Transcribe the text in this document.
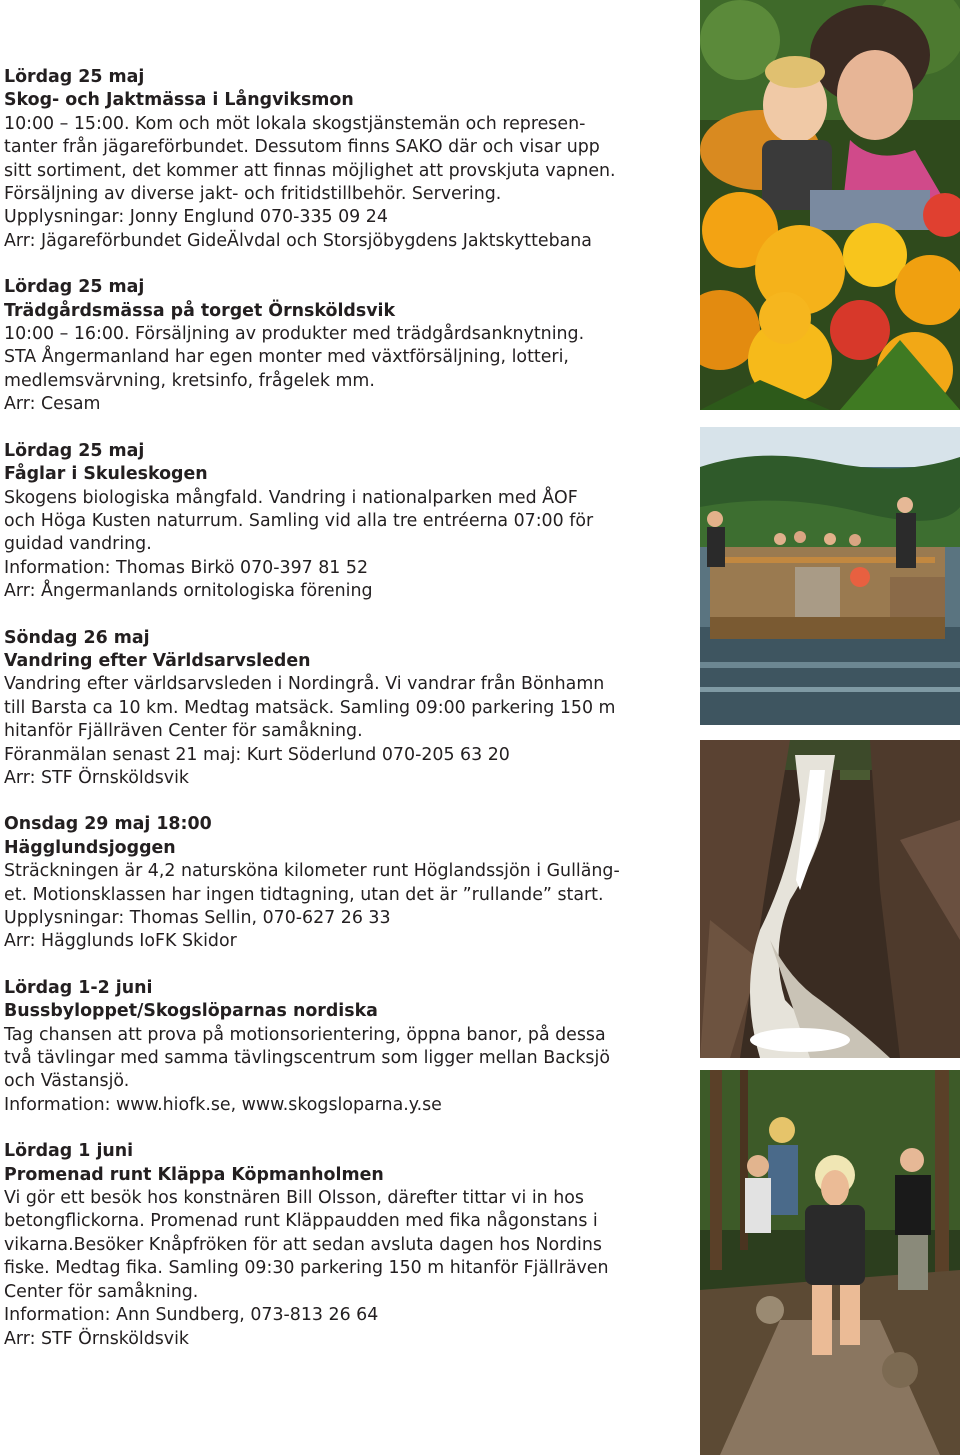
Lördag 25 maj
Skog- och Jaktmässa i Långviksmon
10:00 – 15:00. Kom och möt lokala skogstjänstemän och represen-
tanter från jägareförbundet. Dessutom finns SAKO där och visar upp
sitt sortiment, det kommer att finnas möjlighet att provskjuta vapnen.
Försäljning av diverse jakt- och fritidstillbehör. Servering.
Upplysningar: Jonny Englund 070-335 09 24
Arr: Jägareförbundet GideÄlvdal och Storsjöbygdens Jaktskyttebana
Lördag 25 maj
Trädgårdsmässa på torget Örnsköldsvik
10:00 – 16:00. Försäljning av produkter med trädgårdsanknytning.
STA Ångermanland har egen monter med växtförsäljning, lotteri,
medlemsvärvning, kretsinfo, frågelek mm.
Arr: Cesam
Lördag 25 maj
Fåglar i Skuleskogen
Skogens biologiska mångfald. Vandring i nationalparken med ÅOF
och Höga Kusten naturrum. Samling vid alla tre entréerna 07:00 för
guidad vandring.
Information: Thomas Birkö 070-397 81 52
Arr: Ångermanlands ornitologiska förening
Söndag 26 maj
Vandring efter Världsarvsleden
Vandring efter världsarvsleden i Nordingrå. Vi vandrar från Bönhamn
till Barsta ca 10 km. Medtag matsäck. Samling 09:00 parkering 150 m
hitanför Fjällräven Center för samåkning.
Föranmälan senast 21 maj: Kurt Söderlund 070-205 63 20
Arr: STF Örnsköldsvik
Onsdag 29 maj 18:00
Hägglundsjoggen
Sträckningen är 4,2 natursköna kilometer runt Höglandssjön i Gulläng-
et. Motionsklassen har ingen tidtagning, utan det är ”rullande” start.
Upplysningar: Thomas Sellin, 070-627 26 33
Arr: Hägglunds IoFK Skidor
Lördag 1-2 juni
Bussbyloppet/Skogslöparnas nordiska
Tag chansen att prova på motionsorientering, öppna banor, på dessa
två tävlingar med samma tävlingscentrum som ligger mellan Backsjö
och Västansjö.
Information: www.hiofk.se, www.skogsloparna.y.se
Lördag 1 juni
Promenad runt Kläppa Köpmanholmen
Vi gör ett besök hos konstnären Bill Olsson, därefter tittar vi in hos
betongflickorna. Promenad runt Kläppaudden med fika någonstans i
vikarna.Besöker Knåpfröken för att sedan avsluta dagen hos Nordins
fiske. Medtag fika. Samling 09:30 parkering 150 m hitanför Fjällräven
Center för samåkning.
Information: Ann Sundberg, 073-813 26 64
Arr: STF Örnsköldsvik
